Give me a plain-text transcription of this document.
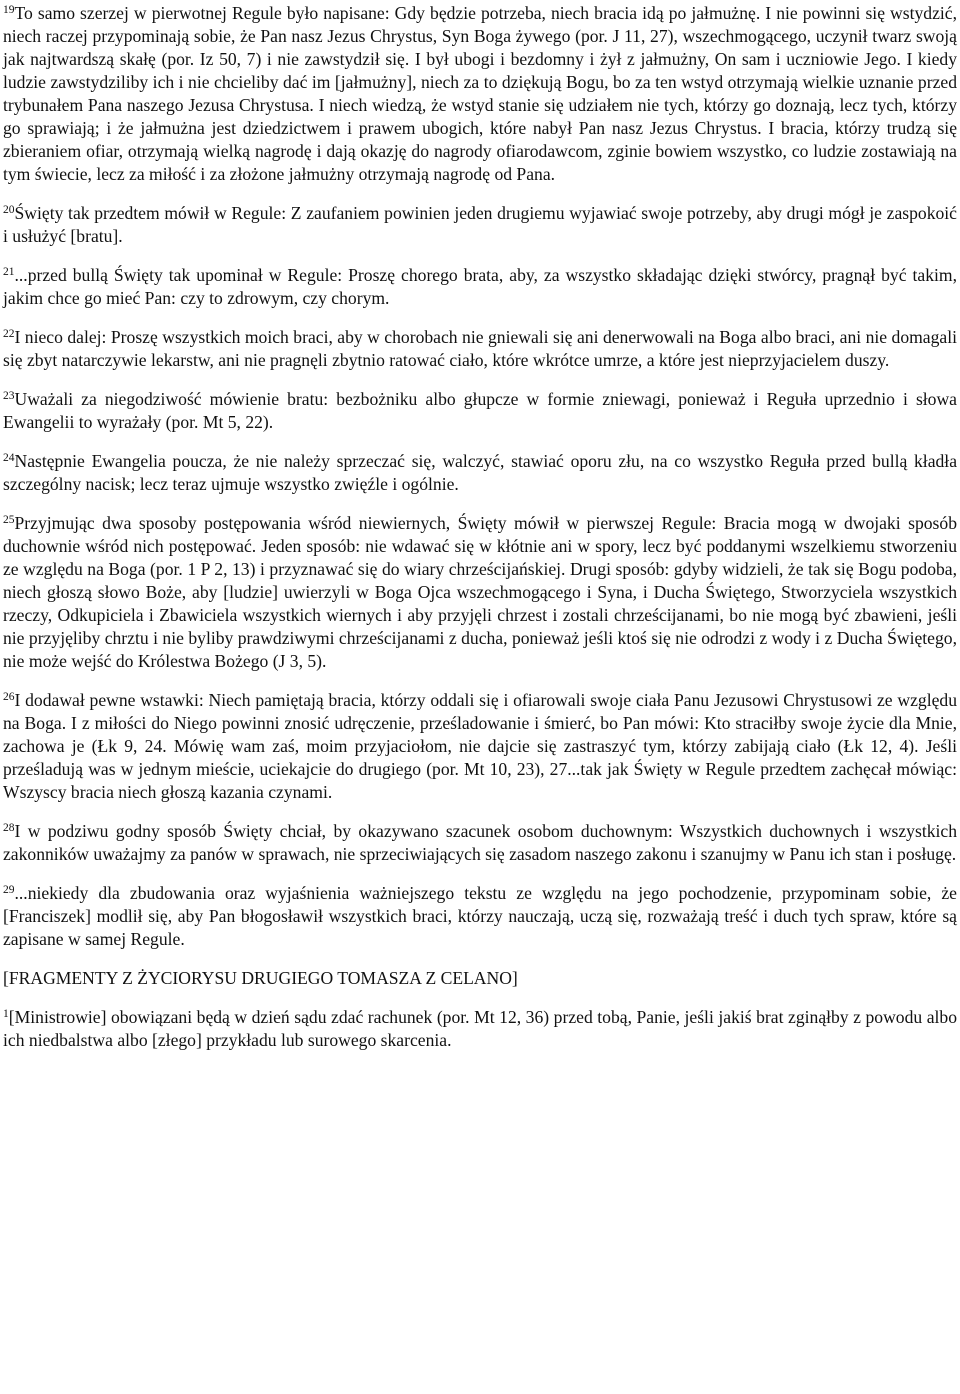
$^{19}$To samo szerzej w pierwotnej Regule było napisane: Gdy będzie potrzeba, niech bracia idą po jałmużnę. I nie powinni się wstydzić, niech raczej przypominają sobie, że Pan nasz Jezus Chrystus, Syn Boga żywego (por. J 11, 27), wszechmogącego, uczynił twarz swoją jak najtwardszą skałę (por. Iz 50, 7) i nie zawstydził się. I był ubogi i bezdomny i żył z jałmużny, On sam i uczniowie Jego. I kiedy ludzie zawstydziliby ich i nie chcieliby dać im [jałmużny], niech za to dziękują Bogu, bo za ten wstyd otrzymają wielkie uznanie przed trybunałem Pana naszego Jezusa Chrystusa. I niech wiedzą, że wstyd stanie się udziałem nie tych, którzy go doznają, lecz tych, którzy go sprawiają; i że jałmużna jest dziedzictwem i prawem ubogich, które nabył Pan nasz Jezus Chrystus. I bracia, którzy trudzą się zbieraniem ofiar, otrzymają wielką nagrodę i dają okazję do nagrody ofiarodawcom, zginie bowiem wszystko, co ludzie zostawiają na tym świecie, lecz za miłość i za złożone jałmużny otrzymają nagrodę od Pana.

$^{20}$Święty tak przedtem mówił w Regule: Z zaufaniem powinien jeden drugiemu wyjawiać swoje potrzeby, aby drugi mógł je zaspokoić i usłużyć [bratu].

$^{21}$...przed bullą Święty tak upominał w Regule: Proszę chorego brata, aby, za wszystko składając dzięki stwórcy, pragnął być takim, jakim chce go mieć Pan: czy to zdrowym, czy chorym.

$^{22}$I nieco dalej: Proszę wszystkich moich braci, aby w chorobach nie gniewali się ani denerwowali na Boga albo braci, ani nie domagali się zbyt natarczywie lekarstw, ani nie pragnęli zbytnio ratować ciało, które wkrótce umrze, a które jest nieprzyjacielem duszy.

$^{23}$Uważali za niegodziwość mówienie bratu: bezbożniku albo głupcze w formie zniewagi, ponieważ i Reguła uprzednio i słowa Ewangelii to wyrażały (por. Mt 5, 22).

$^{24}$Następnie Ewangelia poucza, że nie należy sprzeczać się, walczyć, stawiać oporu złu, na co wszystko Reguła przed bullą kładła szczególny nacisk; lecz teraz ujmuje wszystko zwięźle i ogólnie.

$^{25}$Przyjmując dwa sposoby postępowania wśród niewiernych, Święty mówił w pierwszej Regule: Bracia mogą w dwojaki sposób duchownie wśród nich postępować. Jeden sposób: nie wdawać się w kłótnie ani w spory, lecz być poddanymi wszelkiemu stworzeniu ze względu na Boga (por. 1 P 2, 13) i przyznawać się do wiary chrześcijańskiej. Drugi sposób: gdyby widzieli, że tak się Bogu podoba, niech głoszą słowo Boże, aby [ludzie] uwierzyli w Boga Ojca wszechmogącego i Syna, i Ducha Świętego, Stworzyciela wszystkich rzeczy, Odkupiciela i Zbawiciela wszystkich wiernych i aby przyjęli chrzest i zostali chrześcijanami, bo nie mogą być zbawieni, jeśli nie przyjęliby chrztu i nie byliby prawdziwymi chrześcijanami z ducha, ponieważ jeśli ktoś się nie odrodzi z wody i z Ducha Świętego, nie może wejść do Królestwa Bożego (J 3, 5).

$^{26}$I dodawał pewne wstawki: Niech pamiętają bracia, którzy oddali się i ofiarowali swoje ciała Panu Jezusowi Chrystusowi ze względu na Boga. I z miłości do Niego powinni znosić udręczenie, prześladowanie i śmierć, bo Pan mówi: Kto straciłby swoje życie dla Mnie, zachowa je (Łk 9, 24. Mówię wam zaś, moim przyjaciołom, nie dajcie się zastraszyć tym, którzy zabijają ciało (Łk 12, 4). Jeśli prześladują was w jednym mieście, uciekajcie do drugiego (por. Mt 10, 23), 27...tak jak Święty w Regule przedtem zachęcał mówiąc: Wszyscy bracia niech głoszą kazania czynami.

$^{28}$I w podziwu godny sposób Święty chciał, by okazywano szacunek osobom duchownym: Wszystkich duchownych i wszystkich zakonników uważajmy za panów w sprawach, nie sprzeciwiających się zasadom naszego zakonu i szanujmy w Panu ich stan i posługę.

$^{29}$...niekiedy dla zbudowania oraz wyjaśnienia ważniejszego tekstu ze względu na jego pochodzenie, przypominam sobie, że [Franciszek] modlił się, aby Pan błogosławił wszystkich braci, którzy nauczają, uczą się, rozważają treść i duch tych spraw, które są zapisane w samej Regule.

[FRAGMENTY Z ŻYCIORYSU DRUGIEGO TOMASZA Z CELANO]

$^1$[Ministrowie] obowiązani będą w dzień sądu zdać rachunek (por. Mt 12, 36) przed tobą, Panie, jeśli jakiś brat zginąłby z powodu albo ich niedbalstwa albo [złego] przykładu lub surowego skarcenia.
